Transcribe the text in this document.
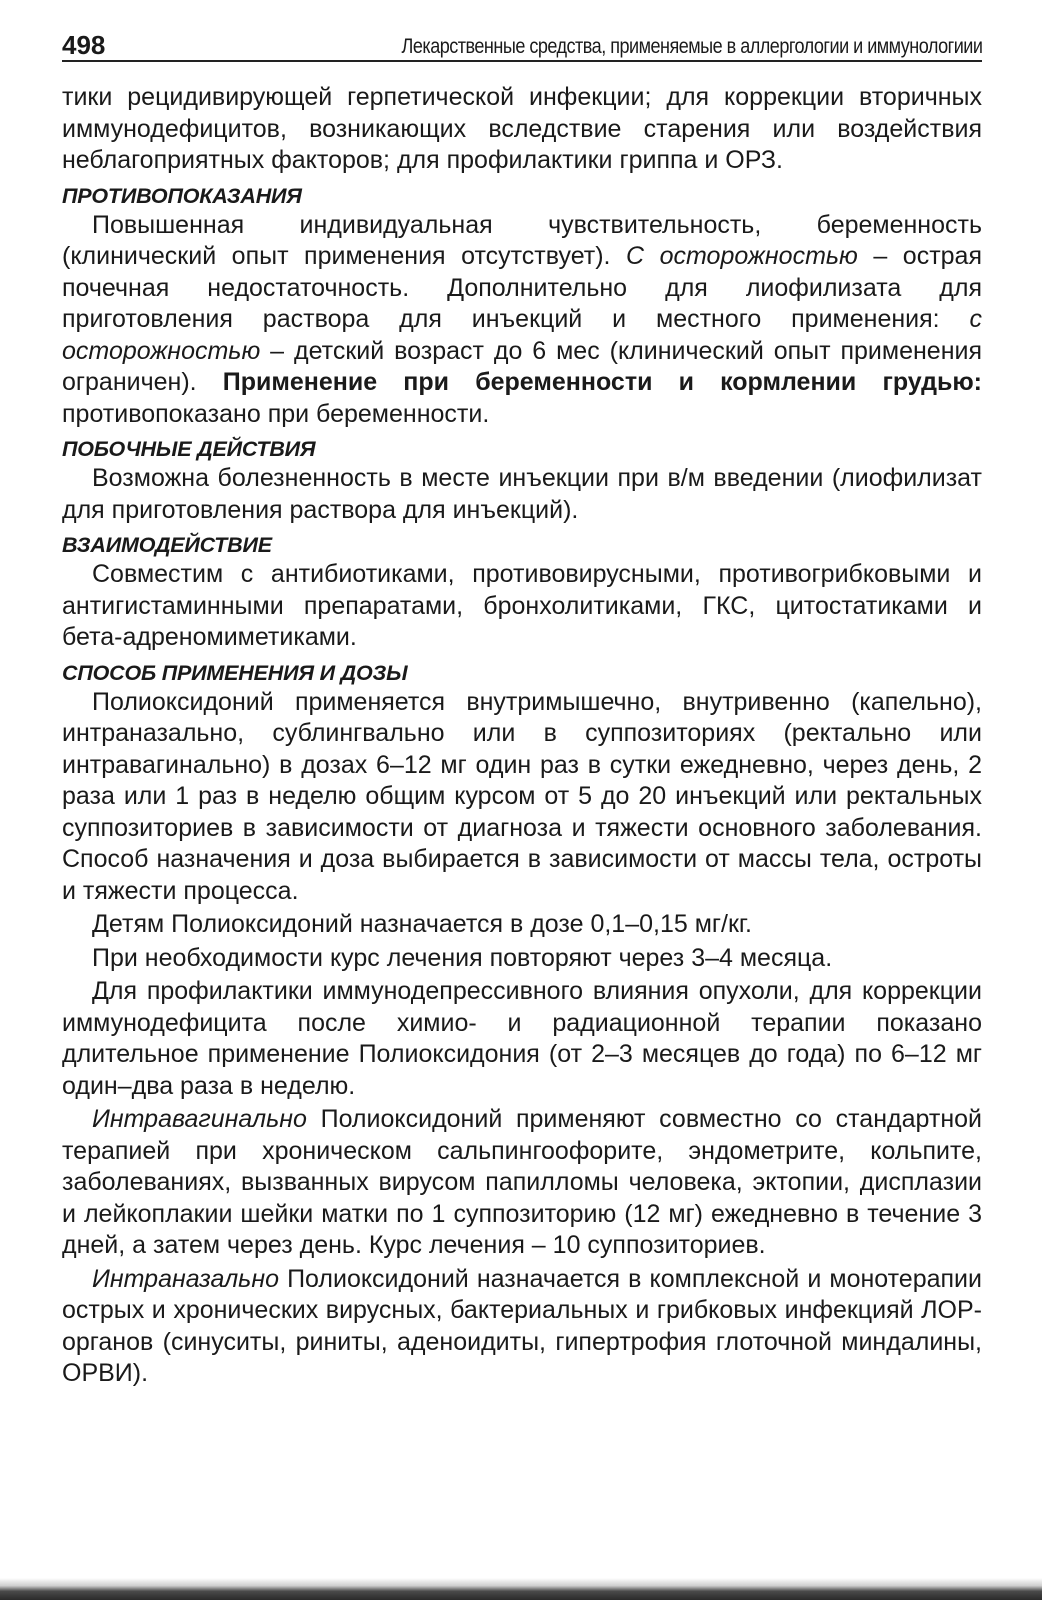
498	Лекарственные средства, применяемые в аллергологии и иммунологиии

тики рецидивирующей герпетической инфекции; для коррекции вторичных иммунодефицитов, возникающих вследствие старения или воздействия неблагоприятных факторов; для профилактики гриппа и ОРЗ.

ПРОТИВОПОКАЗАНИЯ

Повышенная индивидуальная чувствительность, беременность (клинический опыт применения отсутствует). С осторожностью – острая почечная недостаточность. Дополнительно для лиофилизата для приготовления раствора для инъекций и местного применения: с осторожностью – детский возраст до 6 мес (клинический опыт применения ограничен). Применение при беременности и кормлении грудью: противопоказано при беременности.

ПОБОЧНЫЕ ДЕЙСТВИЯ

Возможна болезненность в месте инъекции при в/м введении (лиофилизат для приготовления раствора для инъекций).

ВЗАИМОДЕЙСТВИЕ

Совместим с антибиотиками, противовирусными, противогрибковыми и антигистаминными препаратами, бронхолитиками, ГКС, цитостатиками и бета-адреномиметиками.

СПОСОБ ПРИМЕНЕНИЯ И ДОЗЫ

Полиоксидоний применяется внутримышечно, внутривенно (капельно), интраназально, сублингвально или в суппозиториях (ректально или интравагинально) в дозах 6–12 мг один раз в сутки ежедневно, через день, 2 раза или 1 раз в неделю общим курсом от 5 до 20 инъекций или ректальных суппозиториев в зависимости от диагноза и тяжести основного заболевания. Способ назначения и доза выбирается в зависимости от массы тела, остроты и тяжести процесса.

Детям Полиоксидоний назначается в дозе 0,1–0,15 мг/кг.

При необходимости курс лечения повторяют через 3–4 месяца.

Для профилактики иммунодепрессивного влияния опухоли, для коррекции иммунодефицита после химио- и радиационной терапии показано длительное применение Полиоксидония (от 2–3 месяцев до года) по 6–12 мг один–два раза в неделю.

Интравагинально Полиоксидоний применяют совместно со стандартной терапией при хроническом сальпингоофорите, эндометрите, кольпите, заболеваниях, вызванных вирусом папилломы человека, эктопии, дисплазии и лейкоплакии шейки матки по 1 суппозиторию (12 мг) ежедневно в течение 3 дней, а затем через день. Курс лечения – 10 суппозиториев.

Интраназально Полиоксидоний назначается в комплексной и монотерапии острых и хронических вирусных, бактериальных и грибковых инфекцияй ЛОР-органов (синуситы, риниты, аденоидиты, гипертрофия глоточной миндалины, ОРВИ).
